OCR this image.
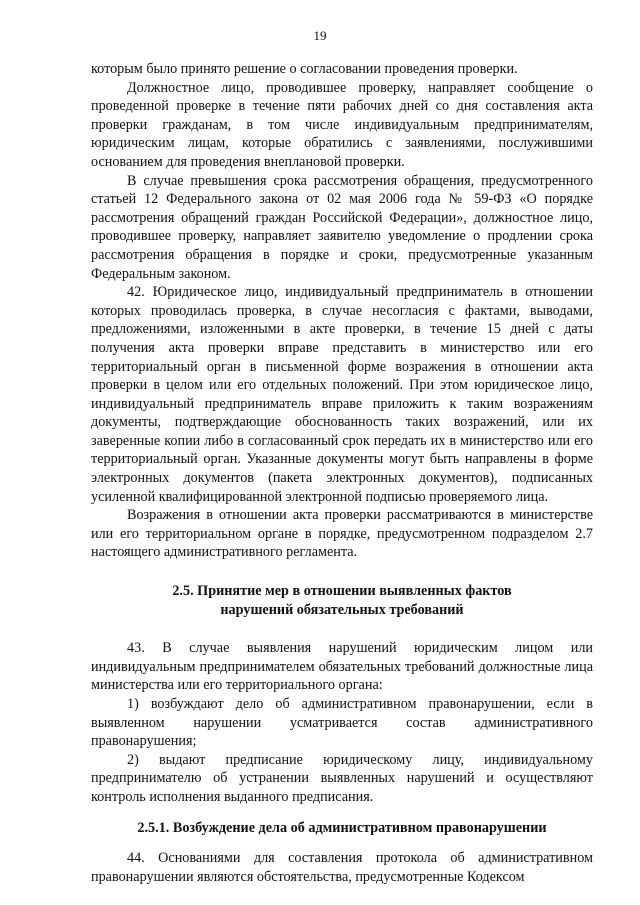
19

которым было принято решение о согласовании проведения проверки.

Должностное лицо, проводившее проверку, направляет сообщение о проведенной проверке в течение пяти рабочих дней со дня составления акта проверки гражданам, в том числе индивидуальным предпринимателям, юридическим лицам, которые обратились с заявлениями, послужившими основанием для проведения внеплановой проверки.

В случае превышения срока рассмотрения обращения, предусмотренного статьей 12 Федерального закона от 02 мая 2006 года № 59-ФЗ «О порядке рассмотрения обращений граждан Российской Федерации», должностное лицо, проводившее проверку, направляет заявителю уведомление о продлении срока рассмотрения обращения в порядке и сроки, предусмотренные указанным Федеральным законом.

42. Юридическое лицо, индивидуальный предприниматель в отношении которых проводилась проверка, в случае несогласия с фактами, выводами, предложениями, изложенными в акте проверки, в течение 15 дней с даты получения акта проверки вправе представить в министерство или его территориальный орган в письменной форме возражения в отношении акта проверки в целом или его отдельных положений. При этом юридическое лицо, индивидуальный предприниматель вправе приложить к таким возражениям документы, подтверждающие обоснованность таких возражений, или их заверенные копии либо в согласованный срок передать их в министерство или его территориальный орган. Указанные документы могут быть направлены в форме электронных документов (пакета электронных документов), подписанных усиленной квалифицированной электронной подписью проверяемого лица.

Возражения в отношении акта проверки рассматриваются в министерстве или его территориальном органе в порядке, предусмотренном подразделом 2.7 настоящего административного регламента.

2.5. Принятие мер в отношении выявленных фактов
нарушений обязательных требований

43. В случае выявления нарушений юридическим лицом или индивидуальным предпринимателем обязательных требований должностные лица министерства или его территориального органа:

1) возбуждают дело об административном правонарушении, если в выявленном нарушении усматривается состав административного правонарушения;

2) выдают предписание юридическому лицу, индивидуальному предпринимателю об устранении выявленных нарушений и осуществляют контроль исполнения выданного предписания.

2.5.1. Возбуждение дела об административном правонарушении

44. Основаниями для составления протокола об административном правонарушении являются обстоятельства, предусмотренные Кодексом
